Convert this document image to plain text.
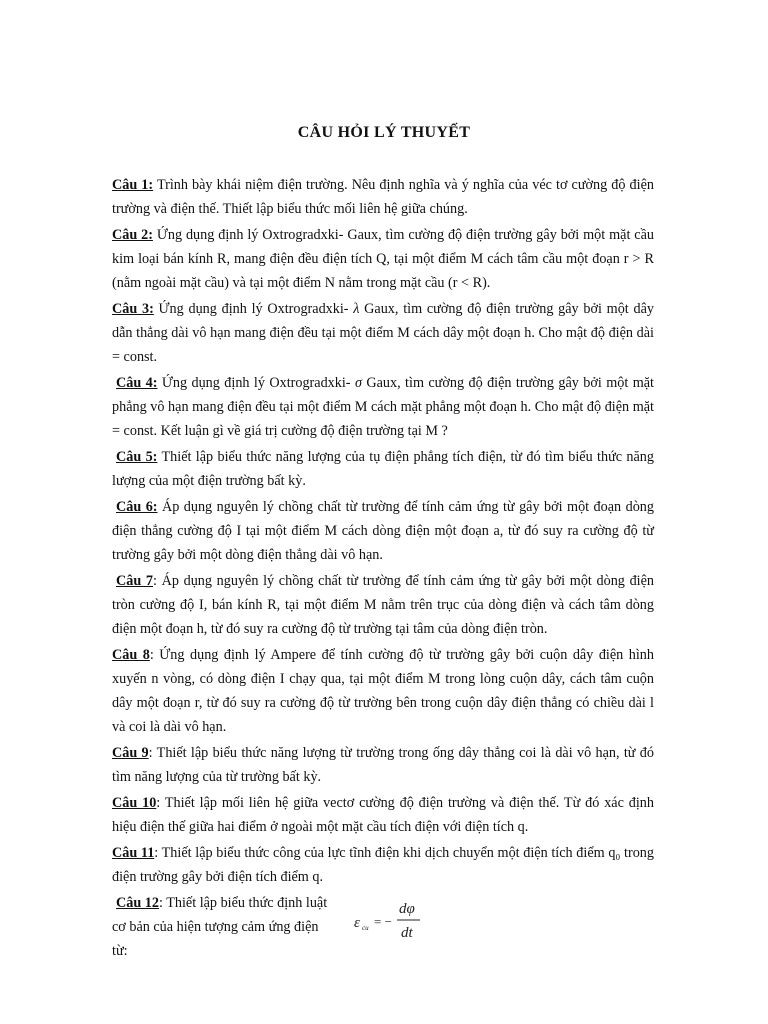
CÂU HỎI LÝ THUYẾT

Câu 1: Trình bày khái niệm điện trường. Nêu định nghĩa và ý nghĩa của véc tơ cường độ điện trường và điện thế. Thiết lập biểu thức mối liên hệ giữa chúng.

Câu 2: Ứng dụng định lý Oxtrogradxki- Gaux, tìm cường độ điện trường gây bởi một mặt cầu kim loại bán kính R, mang điện đều điện tích Q, tại một điểm M cách tâm cầu một đoạn r > R (nằm ngoài mặt cầu) và tại một điểm N nằm trong mặt cầu (r < R).

Câu 3: Ứng dụng định lý Oxtrogradxki- λ Gaux, tìm cường độ điện trường gây bởi một dây dẫn thẳng dài vô hạn mang điện đều tại một điểm M cách dây một đoạn h. Cho mật độ điện dài = const.

Câu 4: Ứng dụng định lý Oxtrogradxki- σ Gaux, tìm cường độ điện trường gây bởi một mặt phẳng vô hạn mang điện đều tại một điểm M cách mặt phẳng một đoạn h. Cho mật độ điện mặt = const. Kết luận gì về giá trị cường độ điện trường tại M ?

Câu 5: Thiết lập biểu thức năng lượng của tụ điện phẳng tích điện, từ đó tìm biểu thức năng lượng của một điện trường bất kỳ.

Câu 6: Áp dụng nguyên lý chồng chất từ trường để tính cảm ứng từ gây bởi một đoạn dòng điện thẳng cường độ I tại một điểm M cách dòng điện một đoạn a, từ đó suy ra cường độ từ trường gây bởi một dòng điện thẳng dài vô hạn.

Câu 7: Áp dụng nguyên lý chồng chất từ trường để tính cảm ứng từ gây bởi một dòng điện tròn cường độ I, bán kính R, tại một điểm M nằm trên trục của dòng điện và cách tâm dòng điện một đoạn h, từ đó suy ra cường độ từ trường tại tâm của dòng điện tròn.

Câu 8: Ứng dụng định lý Ampere để tính cường độ từ trường gây bởi cuộn dây điện hình xuyến n vòng, có dòng điện I chạy qua, tại một điểm M trong lòng cuộn dây, cách tâm cuộn dây một đoạn r, từ đó suy ra cường độ từ trường bên trong cuộn dây điện thẳng có chiều dài l và coi là dài vô hạn.

Câu 9: Thiết lập biểu thức năng lượng từ trường trong ống dây thẳng coi là dài vô hạn, từ đó tìm năng lượng của từ trường bất kỳ.

Câu 10: Thiết lập mối liên hệ giữa vectơ cường độ điện trường và điện thế. Từ đó xác định hiệu điện thế giữa hai điểm ở ngoài một mặt cầu tích điện với điện tích q.

Câu 11: Thiết lập biểu thức công của lực tĩnh điện khi dịch chuyển một điện tích điểm q₀ trong điện trường gây bởi điện tích điểm q.

Câu 12: Thiết lập biểu thức định luật
cơ bản của hiện tượng cảm ứng điện
từ:
ε cu = −
dφ
dt
